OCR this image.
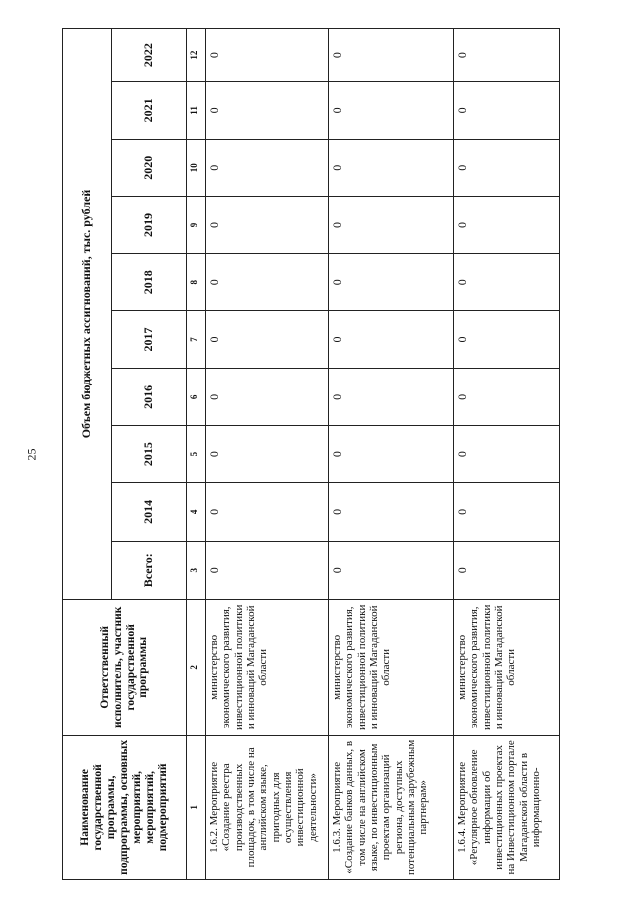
25
Наименование государственной программы, подпрограммы, основных мероприятий, мероприятий, подмероприятий	Ответственный исполнитель, участник государственной программы	Объем бюджетных ассигнований, тыс. рублей									
		Всего:	2014	2015	2016	2017	2018	2019	2020	2021	2022
1	2	3	4	5	6	7	8	9	10	11	12
1.6.2. Мероприятие «Создание реестра производственных площадок, в том числе на английском языке, пригодных для осуществления инвестиционной деятельности»	министерство экономического развития, инвестиционной политики и инноваций Магаданской области	0	0	0	0	0	0	0	0	0	0
1.6.3. Мероприятие «Создание банков данных, в том числе на английском языке, по инвестиционным проектам организаций региона, доступных потенциальным зарубежным партнерам»	министерство экономического развития, инвестиционной политики и инноваций Магаданской области	0	0	0	0	0	0	0	0	0	0
1.6.4. Мероприятие «Регулярное обновление информации об инвестиционных проектах на Инвестиционном портале Магаданской области в информационно-	министерство экономического развития, инвестиционной политики и инноваций Магаданской области	0	0	0	0	0	0	0	0	0	0
